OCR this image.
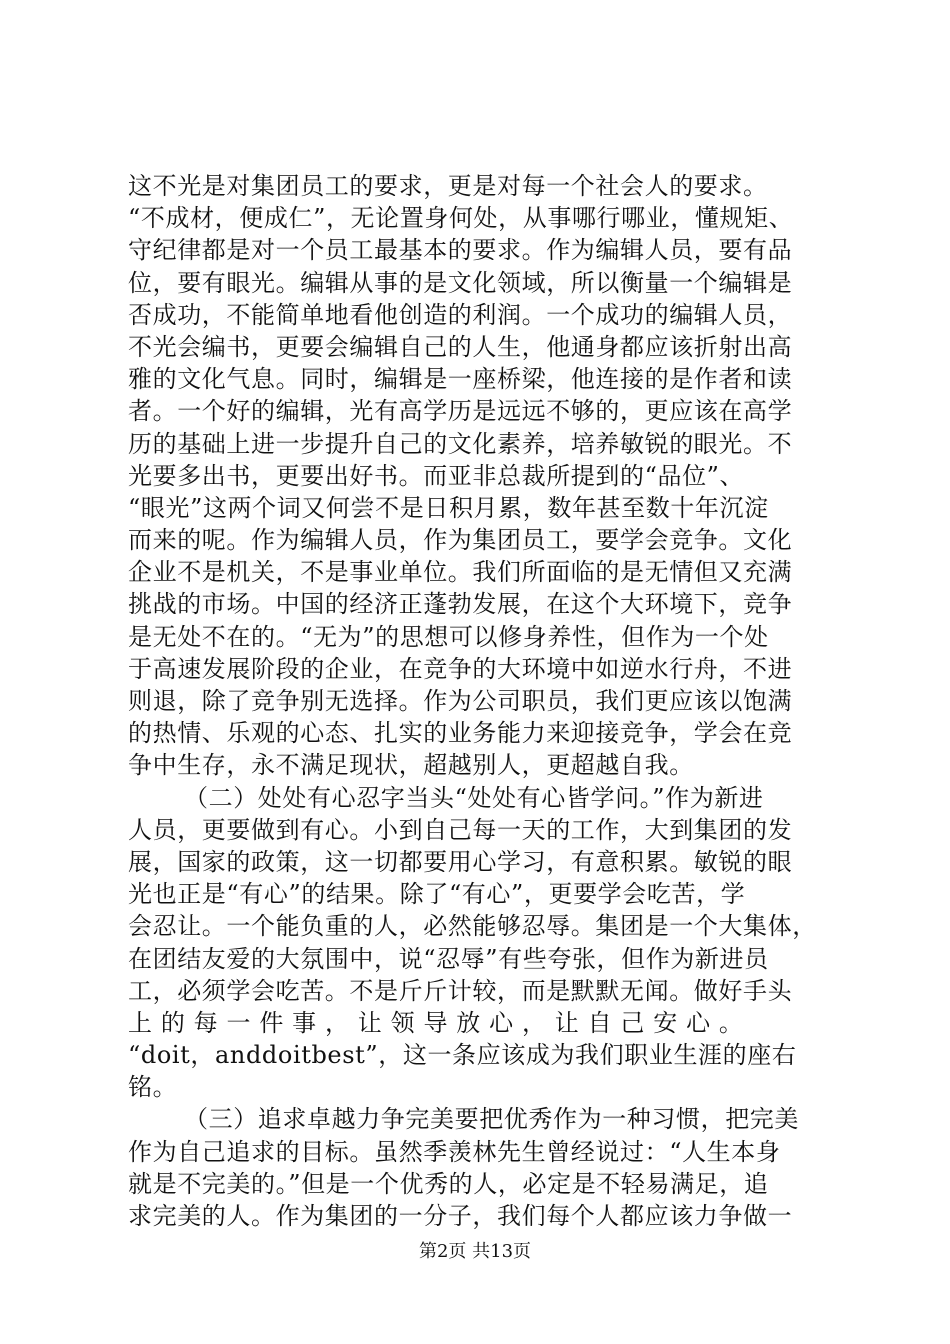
这不光是对集团员工的要求，更是对每一个社会人的要求。
“不成材，便成仁”，无论置身何处，从事哪行哪业，懂规矩、
守纪律都是对一个员工最基本的要求。作为编辑人员，要有品
位，要有眼光。编辑从事的是文化领域，所以衡量一个编辑是
否成功，不能简单地看他创造的利润。一个成功的编辑人员，
不光会编书，更要会编辑自己的人生，他通身都应该折射出高
雅的文化气息。同时，编辑是一座桥梁，他连接的是作者和读
者。一个好的编辑，光有高学历是远远不够的，更应该在高学
历的基础上进一步提升自己的文化素养，培养敏锐的眼光。不
光要多出书，更要出好书。而亚非总裁所提到的“品位”、
“眼光”这两个词又何尝不是日积月累，数年甚至数十年沉淀
而来的呢。作为编辑人员，作为集团员工，要学会竞争。文化
企业不是机关，不是事业单位。我们所面临的是无情但又充满
挑战的市场。中国的经济正蓬勃发展，在这个大环境下，竞争
是无处不在的。“无为”的思想可以修身养性，但作为一个处
于高速发展阶段的企业，在竞争的大环境中如逆水行舟，不进
则退，除了竞争别无选择。作为公司职员，我们更应该以饱满
的热情、乐观的心态、扎实的业务能力来迎接竞争，学会在竞
争中生存，永不满足现状，超越别人，更超越自我。
（二）处处有心忍字当头“处处有心皆学问。”作为新进
人员，更要做到有心。小到自己每一天的工作，大到集团的发
展，国家的政策，这一切都要用心学习，有意积累。敏锐的眼
光也正是“有心”的结果。除了“有心”，更要学会吃苦，学
会忍让。一个能负重的人，必然能够忍辱。集团是一个大集体，
在团结友爱的大氛围中，说“忍辱”有些夸张，但作为新进员
工，必须学会吃苦。不是斤斤计较，而是默默无闻。做好手头
上 的 每 一 件 事 ， 让 领 导 放 心 ， 让 自 己 安 心 。
“doit，anddoitbest”，这一条应该成为我们职业生涯的座右
铭。
（三）追求卓越力争完美要把优秀作为一种习惯，把完美
作为自己追求的目标。虽然季羡林先生曾经说过：“人生本身
就是不完美的。”但是一个优秀的人，必定是不轻易满足，追
求完美的人。作为集团的一分子，我们每个人都应该力争做一
第2页 共13页
